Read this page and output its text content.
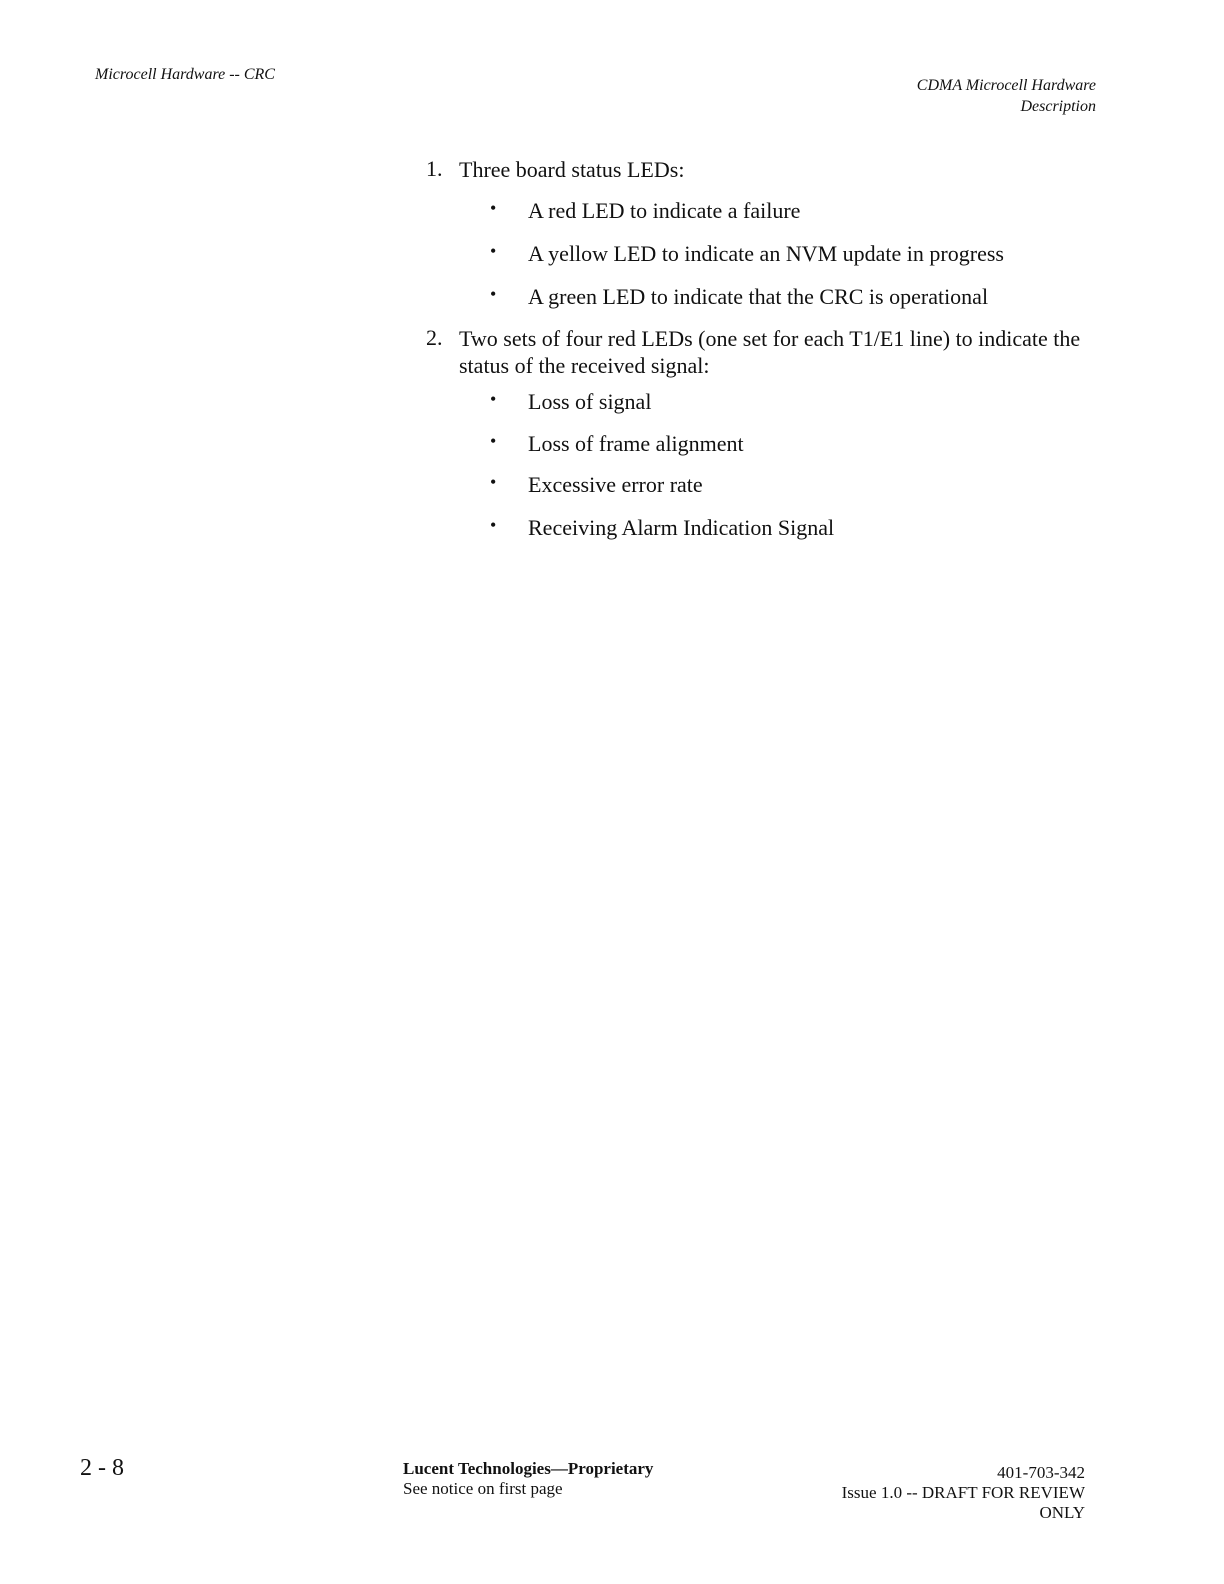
Microcell Hardware -- CRC
CDMA Microcell Hardware
Description
1. Three board status LEDs:
• A red LED to indicate a failure
• A yellow LED to indicate an NVM update in progress
• A green LED to indicate that the CRC is operational
2. Two sets of four red LEDs (one set for each T1/E1 line) to indicate the status of the received signal:
• Loss of signal
• Loss of frame alignment
• Excessive error rate
• Receiving Alarm Indication Signal
2 - 8	Lucent Technologies—Proprietary
See notice on first page
401-703-342
Issue 1.0 -- DRAFT FOR REVIEW
ONLY
